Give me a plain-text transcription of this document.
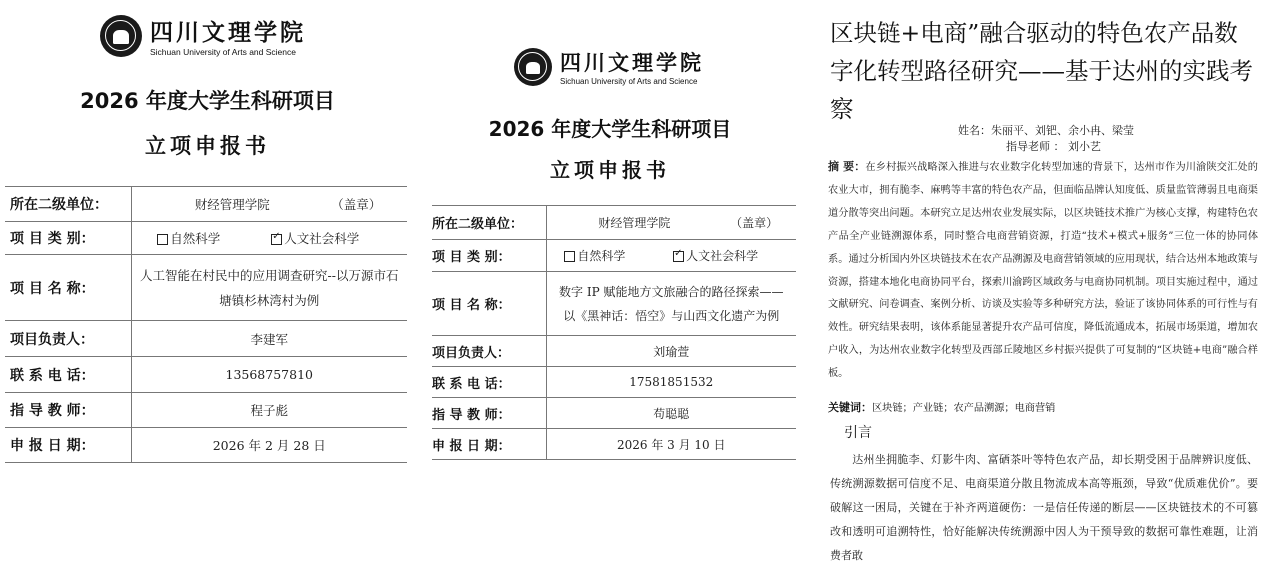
四川文理学院
Sichuan University of Arts and Science
2026 年度大学生科研项目
立项申报书
所在二级单位：	财经管理学院 （盖章）
项 目 类 别：	自然科学 ✓ 人文社会科学
项 目 名 称：	人工智能在村民中的应用调查研究--以万源市石塘镇杉林湾村为例
项目负责人：	李建军
联 系 电 话：	13568757810
指 导 教 师：	程子彪
申 报 日 期：	2026 年 2 月 28 日
四川文理学院
Sichuan University of Arts and Science
2026 年度大学生科研项目
立项申报书
所在二级单位：	财经管理学院 （盖章）
项 目 类 别：	自然科学 ✓ 人文社会科学
项 目 名 称：	数字 IP 赋能地方文旅融合的路径探索——以《黑神话：悟空》与山西文化遗产为例
项目负责人：	刘瑜萱
联 系 电 话：	17581851532
指 导 教 师：	苟聪聪
申 报 日 期：	2026 年 3 月 10 日
区块链+电商”融合驱动的特色农产品数字化转型路径研究——基于达州的实践考察
姓名：朱丽平、刘钯、余小冉、梁莹
指导老师 ： 刘小艺
摘 要：在乡村振兴战略深入推进与农业数字化转型加速的背景下，达州市作为川渝陕交汇处的农业大市，拥有脆李、麻鸭等丰富的特色农产品，但面临品牌认知度低、质量监管薄弱且电商渠道分散等突出问题。本研究立足达州农业发展实际，以区块链技术推广为核心支撑，构建特色农产品全产业链溯源体系，同时整合电商营销资源，打造“技术+模式+服务”三位一体的协同体系。通过分析国内外区块链技术在农产品溯源及电商营销领域的应用现状，结合达州本地政策与资源，搭建本地化电商协同平台，探索川渝跨区域政务与电商协同机制。项目实施过程中，通过文献研究、问卷调查、案例分析、访谈及实验等多种研究方法，验证了该协同体系的可行性与有效性。研究结果表明，该体系能显著提升农产品可信度，降低流通成本，拓展市场渠道，增加农户收入，为达州农业数字化转型及西部丘陵地区乡村振兴提供了可复制的“区块链+电商”融合样板。
关键词：区块链；产业链；农产品溯源；电商营销
引言
达州坐拥脆李、灯影牛肉、富硒茶叶等特色农产品，却长期受困于品牌辨识度低、传统溯源数据可信度不足、电商渠道分散且物流成本高等瓶颈，导致“优质难优价”。要破解这一困局，关键在于补齐两道硬伤：一是信任传递的断层——区块链技术的不可篡改和透明可追溯特性，恰好能解决传统溯源中因人为干预导致的数据可靠性难题，让消费者敢
